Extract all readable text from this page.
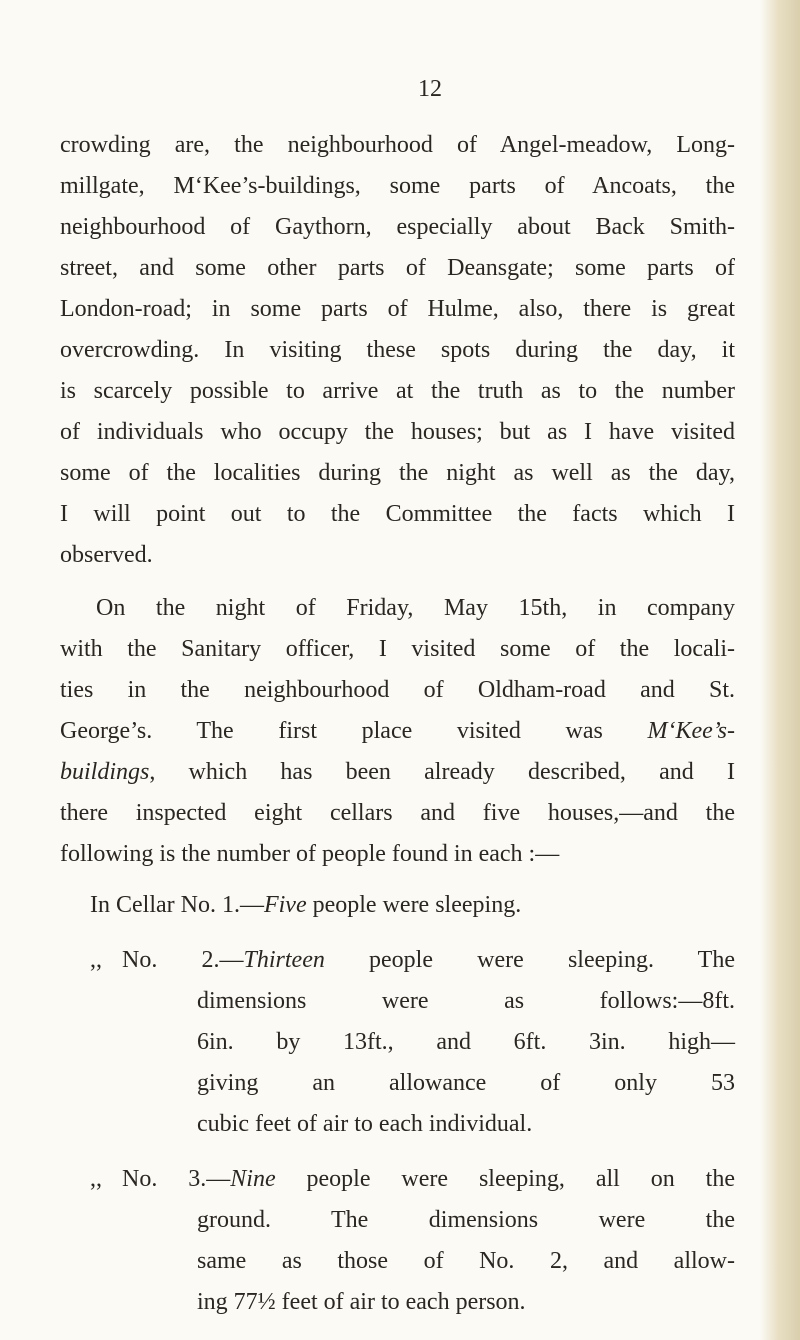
12
crowding are, the neighbourhood of Angel-meadow, Long-
millgate, M‘Kee’s-buildings, some parts of Ancoats, the
neighbourhood of Gaythorn, especially about Back Smith-
street, and some other parts of Deansgate; some parts of
London-road; in some parts of Hulme, also, there is great
overcrowding. In visiting these spots during the day, it
is scarcely possible to arrive at the truth as to the number
of individuals who occupy the houses; but as I have visited
some of the localities during the night as well as the day,
I will point out to the Committee the facts which I
observed.
On the night of Friday, May 15th, in company
with the Sanitary officer, I visited some of the locali-
ties in the neighbourhood of Oldham-road and St.
George’s. The first place visited was M‘Kee’s-
buildings, which has been already described, and I
there inspected eight cellars and five houses,—and the
following is the number of people found in each :—
In Cellar No. 1.—Five people were sleeping.
,, No. 2.—Thirteen people were sleeping. The
dimensions were as follows:—8ft.
6in. by 13ft., and 6ft. 3in. high—
giving an allowance of only 53
cubic feet of air to each individual.
,, No. 3.—Nine people were sleeping, all on the
ground. The dimensions were the
same as those of No. 2, and allow-
ing 77½ feet of air to each person.
